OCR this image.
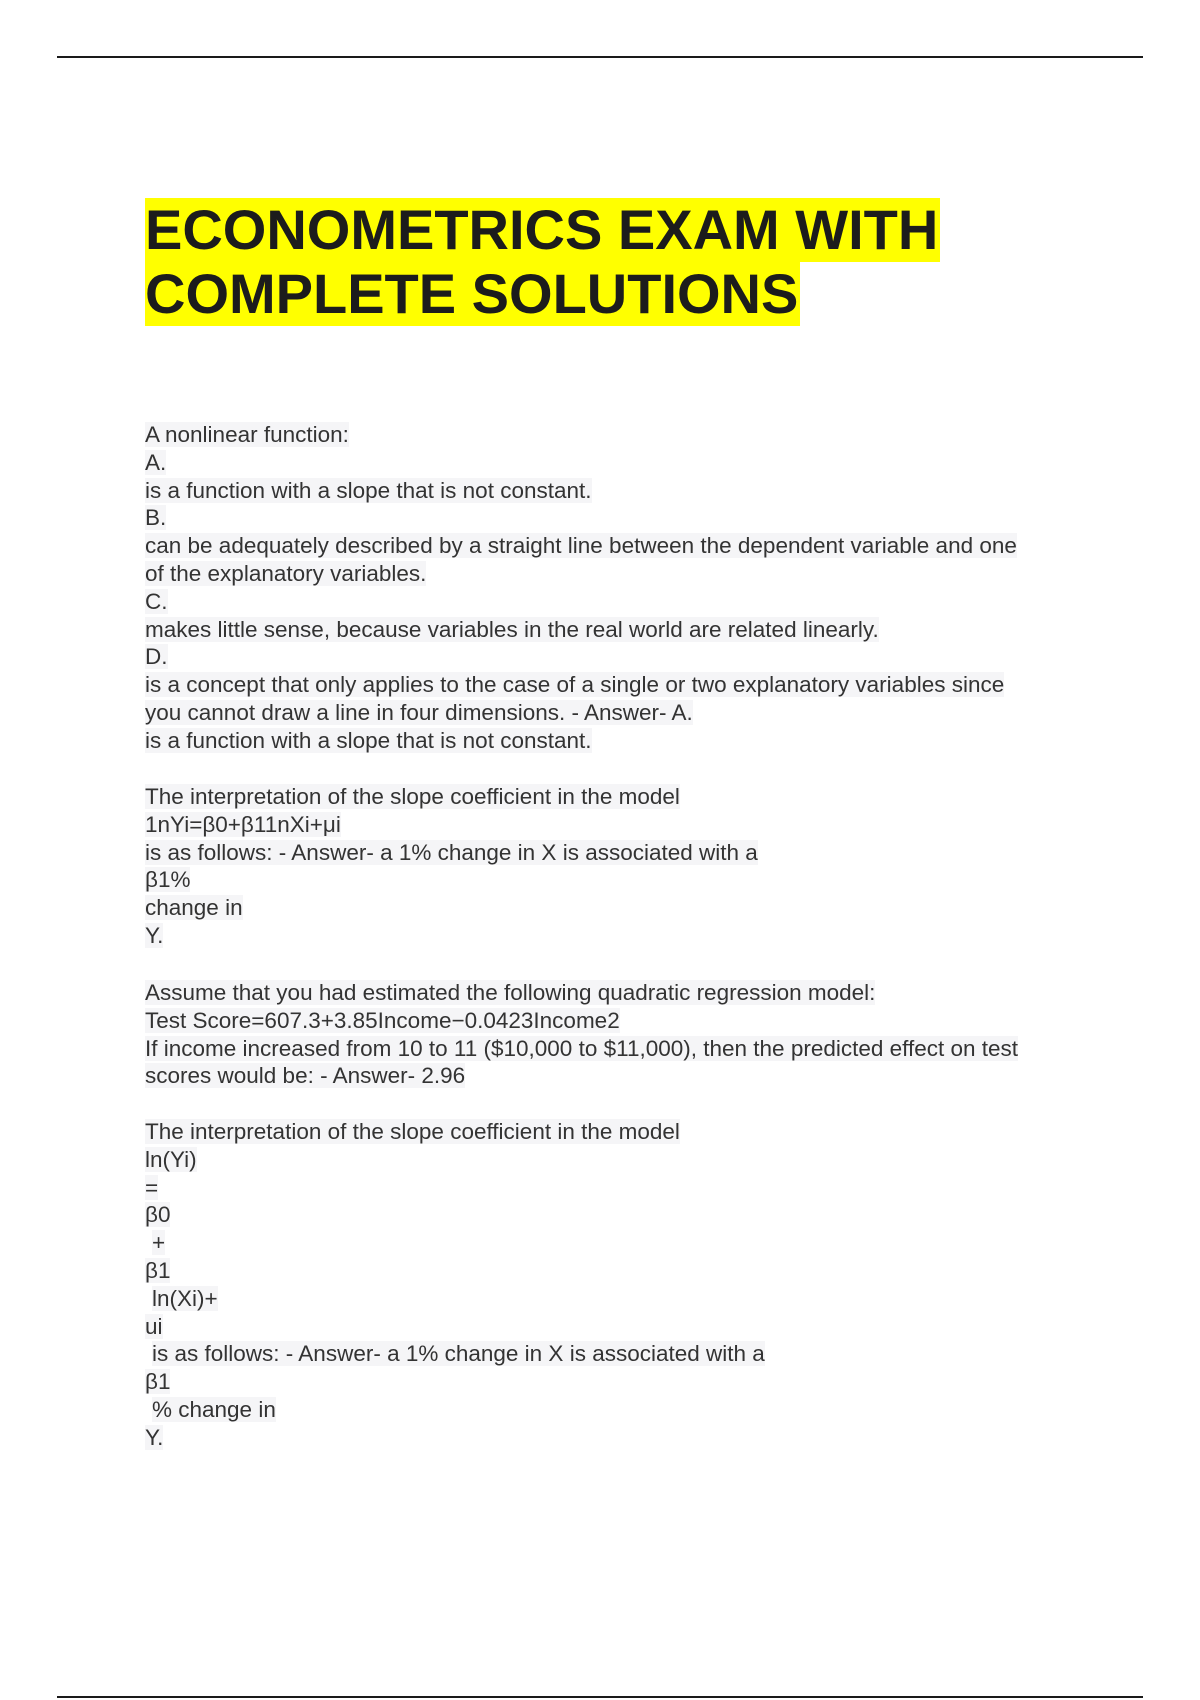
ECONOMETRICS EXAM WITH
COMPLETE SOLUTIONS
A nonlinear function:
A.
is a function with a slope that is not constant.
B.
can be adequately described by a straight line between the dependent variable and one
of the explanatory variables.
C.
makes little sense, because variables in the real world are related linearly.
D.
is a concept that only applies to the case of a single or two explanatory variables since
you cannot draw a line in four dimensions. - Answer- A.
is a function with a slope that is not constant.
The interpretation of the slope coefficient in the model
1nYi=β0+β11nXi+μi
is as follows: - Answer- a 1% change in X is associated with a
β1%
change in
Y.
Assume that you had estimated the following quadratic regression model:
Test Score=607.3+3.85Income−0.0423Income2
If income increased from 10 to 11 ($10,000 to $11,000), then the predicted effect on test
scores would be: - Answer- 2.96
The interpretation of the slope coefficient in the model
ln(Yi)
=
β0
+
β1
ln(Xi)+
ui
is as follows: - Answer- a 1% change in X is associated with a
β1
% change in
Y.
